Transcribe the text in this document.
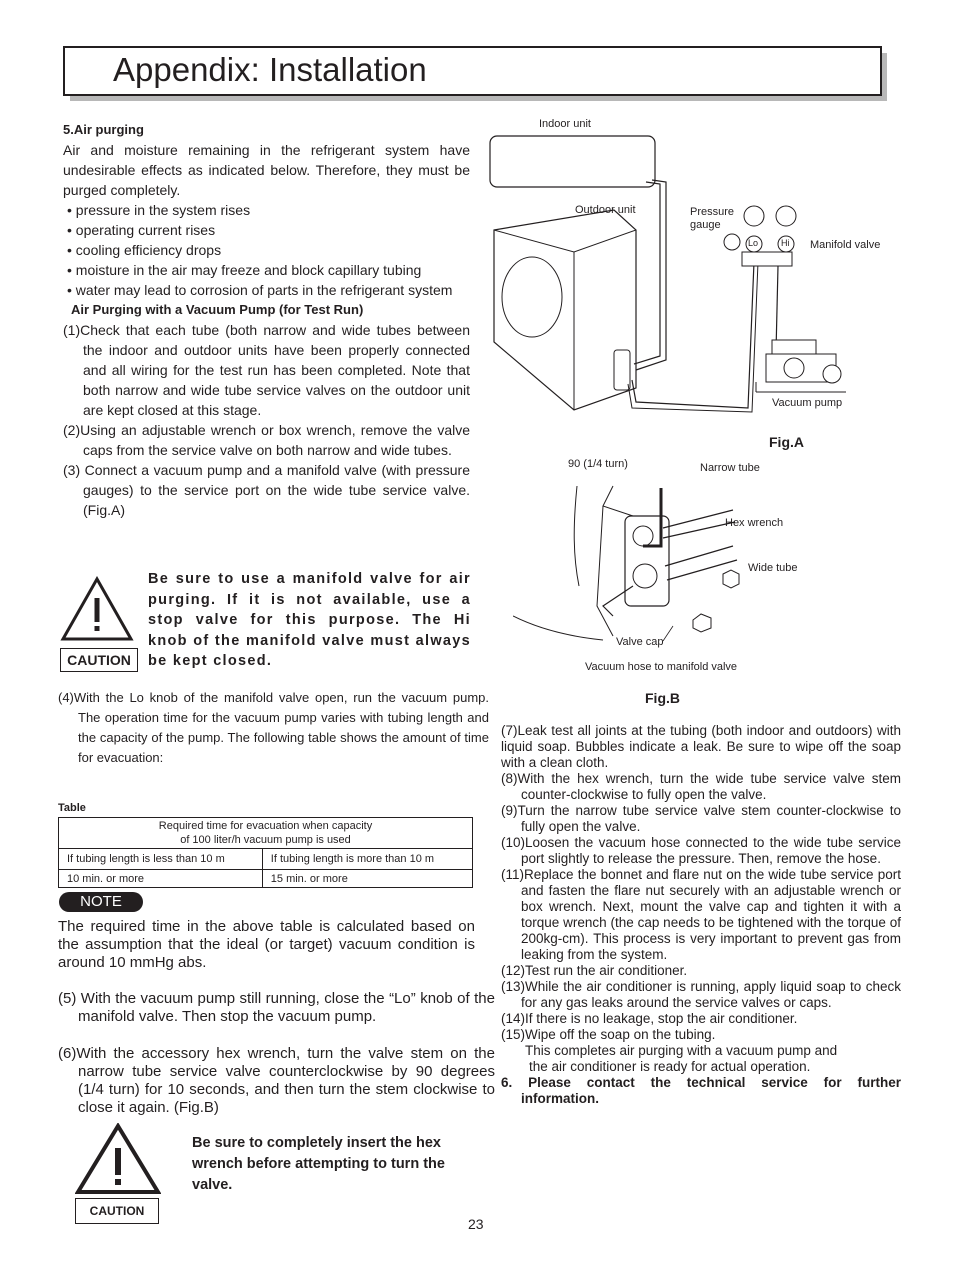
Appendix: Installation
5.Air purging
Air and moisture remaining in the refrigerant system have undesirable effects as indicated below. Therefore, they must be purged completely.
• pressure in the system rises
• operating current rises
• cooling efficiency drops
• moisture in the air may freeze and block capillary tubing
• water may lead to corrosion of parts in the refrigerant system
Air Purging with a Vacuum Pump (for Test Run)
(1)Check that each tube (both narrow and wide tubes between the indoor and outdoor units have been properly connected and all wiring for the test run has been completed. Note that both narrow and wide tube service valves on the outdoor unit are kept closed at this stage.
(2)Using an adjustable wrench or box wrench, remove the valve caps from the service valve on both narrow and wide tubes.
(3) Connect a vacuum pump and a manifold valve (with pressure gauges) to the service port on the wide tube service valve.(Fig.A)
CAUTION
Be sure to use a manifold valve for air purging. If it is not available, use a stop valve for this purpose. The Hi knob of the manifold valve must always be kept closed.
(4)With the Lo knob of the manifold valve open, run the vacuum pump. The operation time for the vacuum pump varies with tubing length and the capacity of the pump. The following table shows the amount of time for evacuation:
Table
Required time for evacuation when capacity
of 100 liter/h vacuum pump is used	
If tubing length is less than 10 m	If tubing length is more than 10 m
10 min. or more	15 min. or more
NOTE
The required time in the above table is calculated based on the assumption that the ideal (or target) vacuum condition is around 10 mmHg abs.
(5) With the vacuum pump still running, close the “Lo” knob of the manifold valve. Then stop the vacuum pump.
(6)With the accessory hex wrench, turn the valve stem on the narrow tube service valve counterclockwise by 90 degrees (1/4 turn) for 10 seconds, and then turn the stem clockwise to close it again. (Fig.B)
CAUTION
Be sure to completely insert the hex wrench before attempting to turn the valve.
23
Indoor unit
Outdoor unit	Pressure
gauge
Lo	Hi Manifold valve
Vacuum pump
Fig.A
90 (1/4 turn)	Narrow tube
Hex wrench
Wide tube
Valve cap
Vacuum hose to manifold valve
Fig.B
(7)Leak test all joints at the tubing (both indoor and outdoors) with liquid soap. Bubbles indicate a leak. Be sure to wipe off the soap with a clean cloth.
(8)With the hex wrench, turn the wide tube service valve stem counter-clockwise to fully open the valve.
(9)Turn the narrow tube service valve stem counter-clockwise to fully open the valve.
(10)Loosen the vacuum hose connected to the wide tube service port slightly to release the pressure. Then, remove the hose.
(11)Replace the bonnet and flare nut on the wide tube service port and fasten the flare nut securely with an adjustable wrench or box wrench. Next, mount the valve cap and tighten it with a torque wrench (the cap needs to be tightened with the torque of 200kg-cm). This process is very important to prevent gas from leaking from the system.
(12)Test run the air conditioner.
(13)While the air conditioner is running, apply liquid soap to check for any gas leaks around the service valves or caps.
(14)If there is no leakage, stop the air conditioner.
(15)Wipe off the soap on the tubing.
This completes air purging with a vacuum pump and
the air conditioner is ready for actual operation.
6. Please contact the technical service for further information.
